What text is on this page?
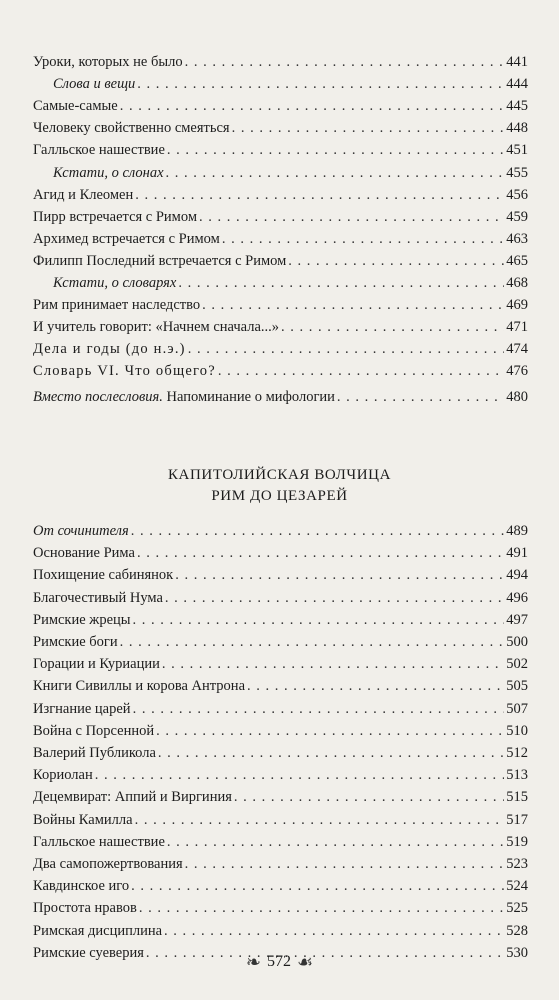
Уроки, которых не было . . .	441
Слова и вещи . . .	444
Самые-самые . . .	445
Человеку свойственно смеяться . . .	448
Галльское нашествие . . .	451
Кстати, о слонах . . .	455
Агид и Клеомен . . .	456
Пирр встречается с Римом . . .	459
Архимед встречается с Римом . . .	463
Филипп Последний встречается с Римом . . .	465
Кстати, о словарях . . .	468
Рим принимает наследство . . .	469
И учитель говорит: «Начнем сначала...» . . .	471
Дела и годы (до н.э.) . . .	474
Словарь VI. Что общего? . . .	476
Вместо послесловия. Напоминание о мифологии . . .	480
КАПИТОЛИЙСКАЯ ВОЛЧИЦА
РИМ ДО ЦЕЗАРЕЙ
От сочинителя . . .	489
Основание Рима . . .	491
Похищение сабинянок . . .	494
Благочестивый Нума . . .	496
Римские жрецы . . .	497
Римские боги . . .	500
Горации и Куриации . . .	502
Книги Сивиллы и корова Антрона . . .	505
Изгнание царей . . .	507
Война с Порсенной . . .	510
Валерий Публикола . . .	512
Кориолан . . .	513
Децемвират: Аппий и Виргиния . . .	515
Войны Камилла . . .	517
Галльское нашествие . . .	519
Два самопожертвования . . .	523
Кавдинское иго . . .	524
Простота нравов . . .	525
Римская дисциплина . . .	528
Римские суеверия . . .	530
❧ 572 ☙
